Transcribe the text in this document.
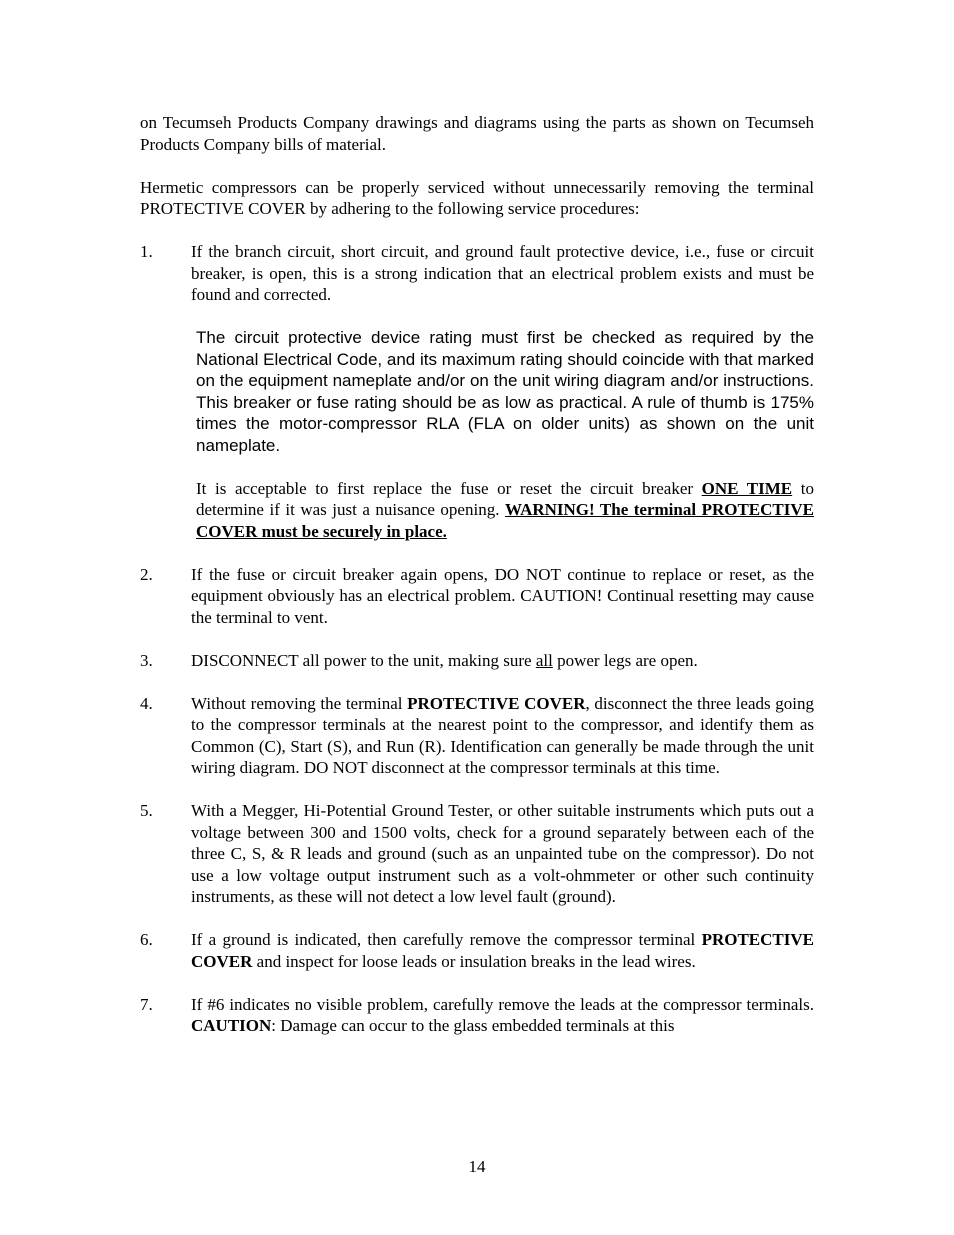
on Tecumseh Products Company drawings and diagrams using the parts as shown on Tecumseh Products Company bills of material.

Hermetic compressors can be properly serviced without unnecessarily removing the terminal PROTECTIVE COVER by adhering to the following service procedures:

1.	If the branch circuit, short circuit, and ground fault protective device, i.e., fuse or circuit breaker, is open, this is a strong indication that an electrical problem exists and must be found and corrected.
The circuit protective device rating must first be checked as required by the National Electrical Code, and its maximum rating should coincide with that marked on the equipment nameplate and/or on the unit wiring diagram and/or instructions. This breaker or fuse rating should be as low as practical. A rule of thumb is 175% times the motor-compressor RLA (FLA on older units) as shown on the unit nameplate.
It is acceptable to first replace the fuse or reset the circuit breaker ONE TIME to determine if it was just a nuisance opening. WARNING! The terminal PROTECTIVE COVER must be securely in place.
2.	If the fuse or circuit breaker again opens, DO NOT continue to replace or reset, as the equipment obviously has an electrical problem. CAUTION! Continual resetting may cause the terminal to vent.
3.	DISCONNECT all power to the unit, making sure all power legs are open.
4.	Without removing the terminal PROTECTIVE COVER, disconnect the three leads going to the compressor terminals at the nearest point to the compressor, and identify them as Common (C), Start (S), and Run (R). Identification can generally be made through the unit wiring diagram. DO NOT disconnect at the compressor terminals at this time.
5.	With a Megger, Hi-Potential Ground Tester, or other suitable instruments which puts out a voltage between 300 and 1500 volts, check for a ground separately between each of the three C, S, & R leads and ground (such as an unpainted tube on the compressor). Do not use a low voltage output instrument such as a volt-ohmmeter or other such continuity instruments, as these will not detect a low level fault (ground).
6.	If a ground is indicated, then carefully remove the compressor terminal PROTECTIVE COVER and inspect for loose leads or insulation breaks in the lead wires.
7.	If #6 indicates no visible problem, carefully remove the leads at the compressor terminals. CAUTION: Damage can occur to the glass embedded terminals at this
14
